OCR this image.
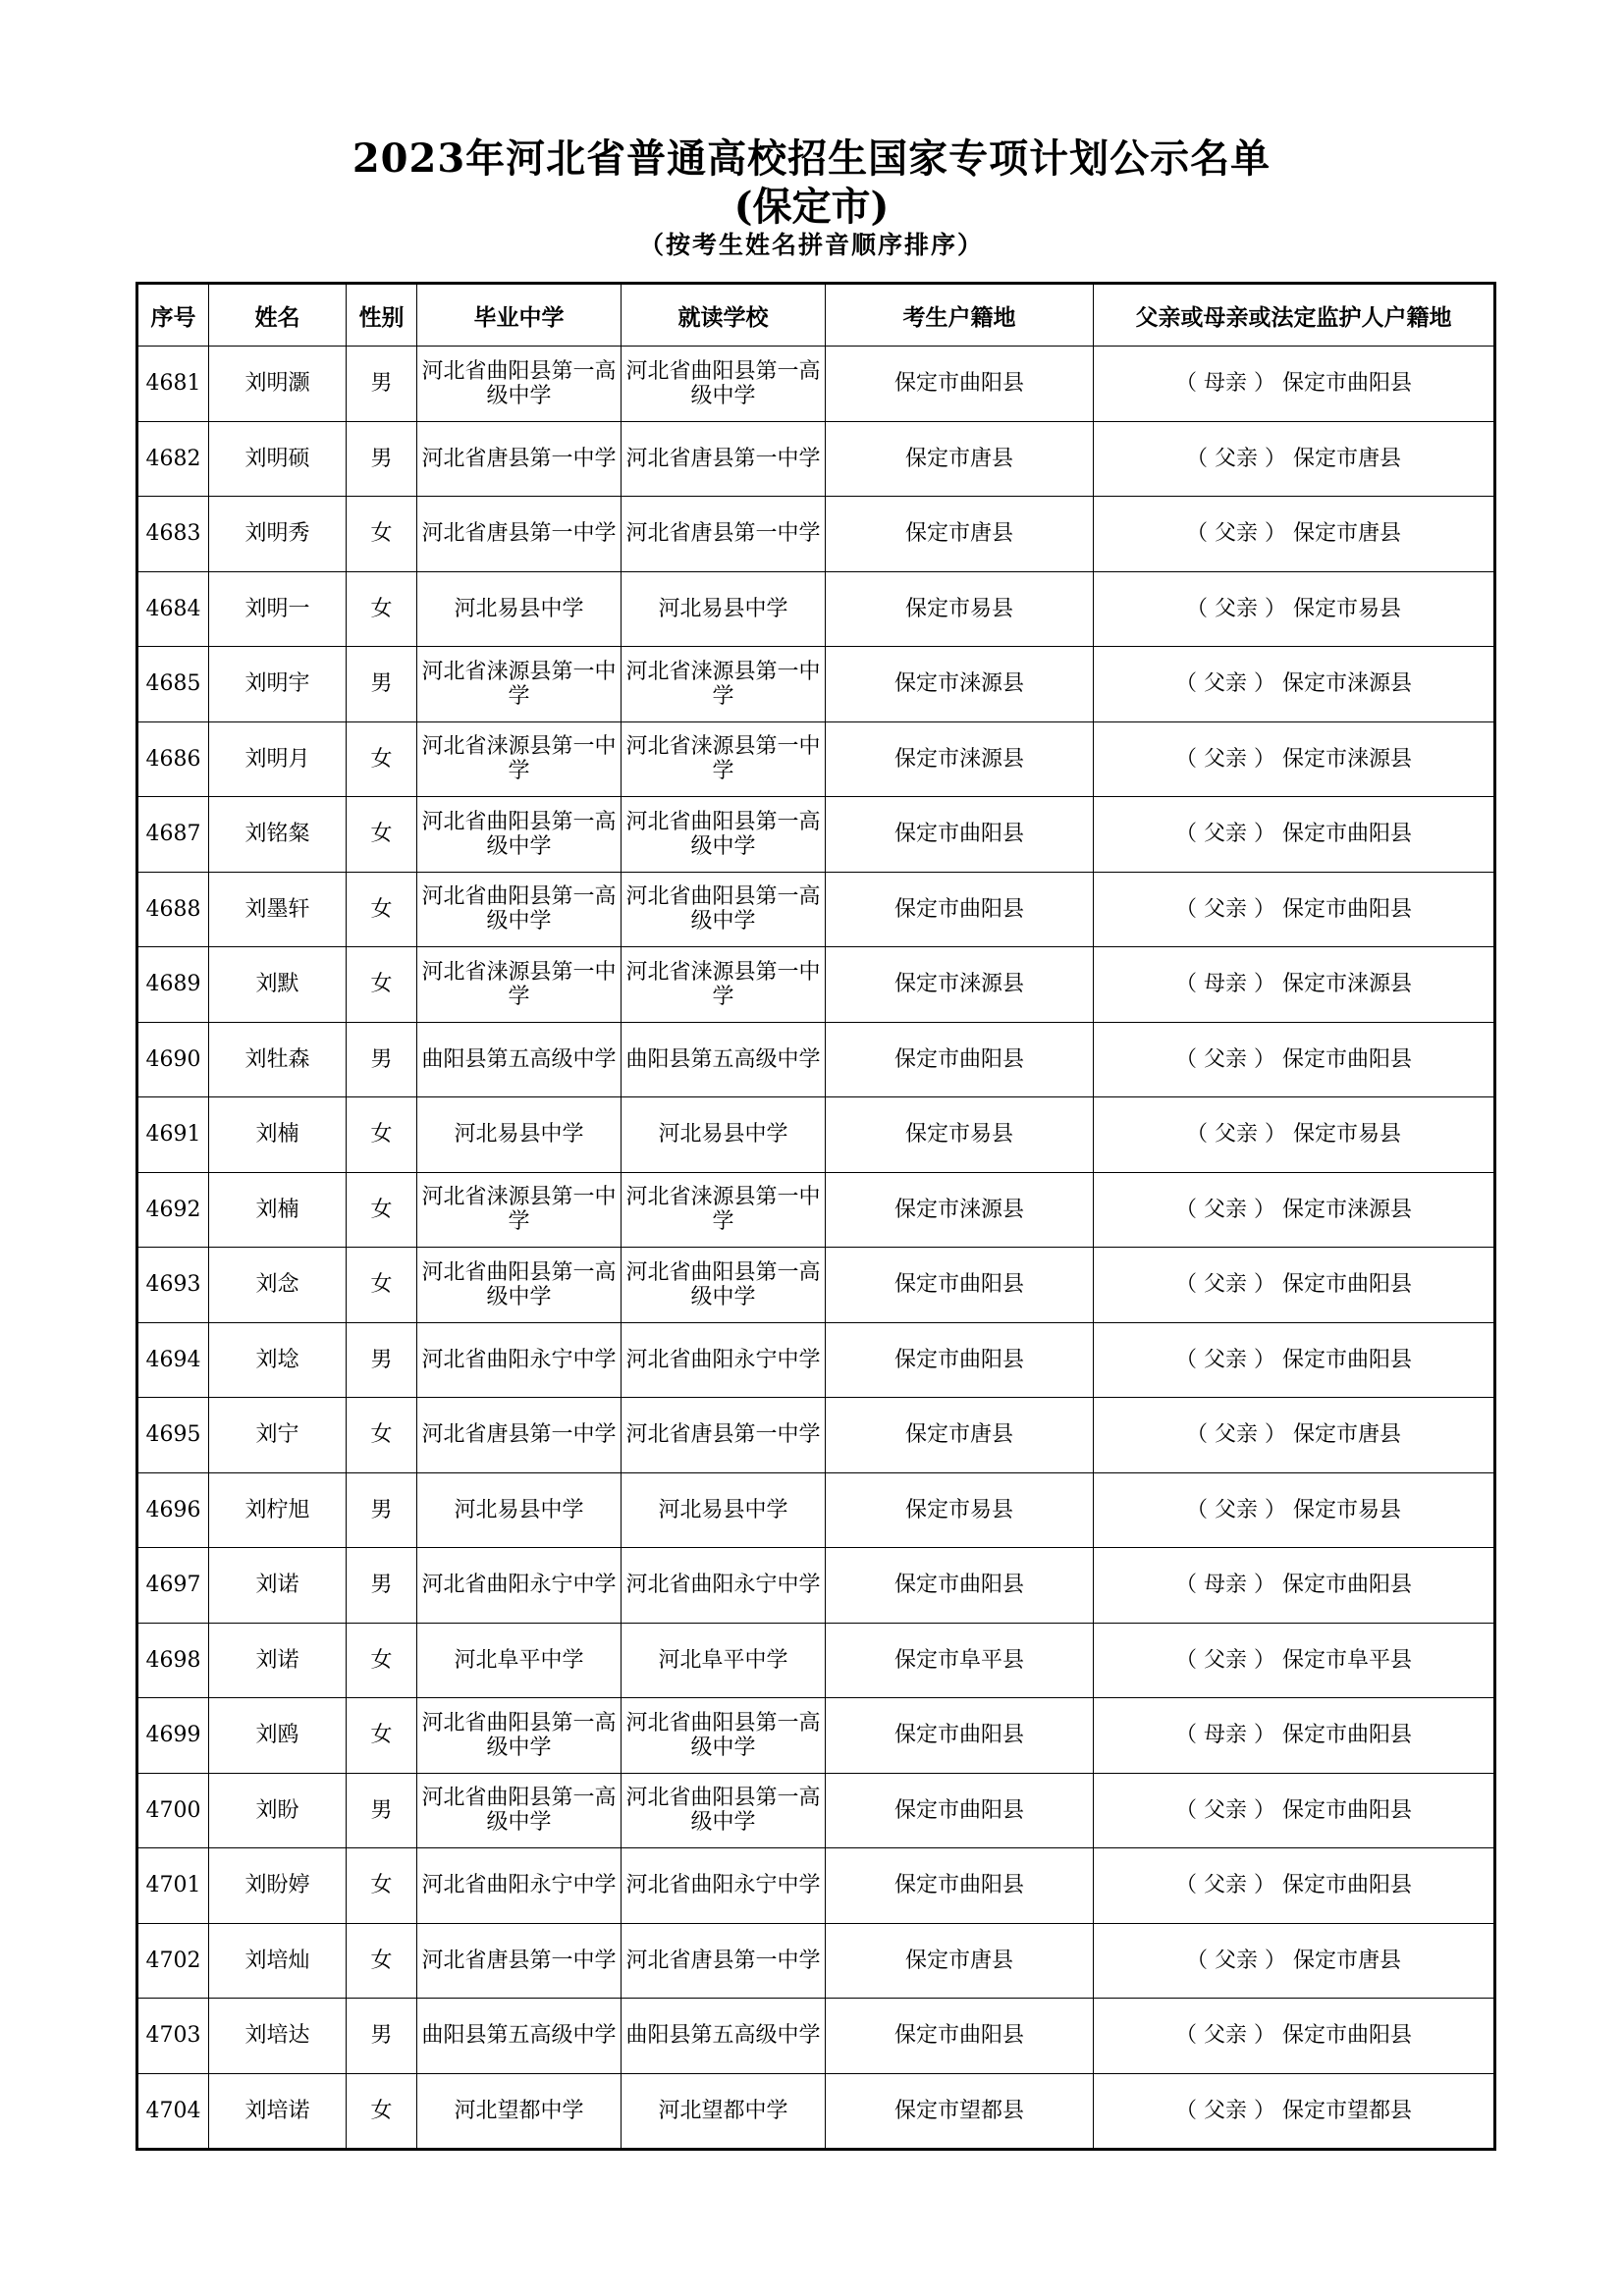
2023年河北省普通高校招生国家专项计划公示名单
(保定市)
（按考生姓名拼音顺序排序）
序号	姓名	性别	毕业中学	就读学校	考生户籍地	父亲或母亲或法定监护人户籍地
4681	刘明灏	男	河北省曲阳县第一高级中学	河北省曲阳县第一高级中学	保定市曲阳县	（ 母亲 ） 保定市曲阳县
4682	刘明硕	男	河北省唐县第一中学	河北省唐县第一中学	保定市唐县	（ 父亲 ） 保定市唐县
4683	刘明秀	女	河北省唐县第一中学	河北省唐县第一中学	保定市唐县	（ 父亲 ） 保定市唐县
4684	刘明一	女	河北易县中学	河北易县中学	保定市易县	（ 父亲 ） 保定市易县
4685	刘明宇	男	河北省涞源县第一中学	河北省涞源县第一中学	保定市涞源县	（ 父亲 ） 保定市涞源县
4686	刘明月	女	河北省涞源县第一中学	河北省涞源县第一中学	保定市涞源县	（ 父亲 ） 保定市涞源县
4687	刘铭粲	女	河北省曲阳县第一高级中学	河北省曲阳县第一高级中学	保定市曲阳县	（ 父亲 ） 保定市曲阳县
4688	刘墨轩	女	河北省曲阳县第一高级中学	河北省曲阳县第一高级中学	保定市曲阳县	（ 父亲 ） 保定市曲阳县
4689	刘默	女	河北省涞源县第一中学	河北省涞源县第一中学	保定市涞源县	（ 母亲 ） 保定市涞源县
4690	刘牡森	男	曲阳县第五高级中学	曲阳县第五高级中学	保定市曲阳县	（ 父亲 ） 保定市曲阳县
4691	刘楠	女	河北易县中学	河北易县中学	保定市易县	（ 父亲 ） 保定市易县
4692	刘楠	女	河北省涞源县第一中学	河北省涞源县第一中学	保定市涞源县	（ 父亲 ） 保定市涞源县
4693	刘念	女	河北省曲阳县第一高级中学	河北省曲阳县第一高级中学	保定市曲阳县	（ 父亲 ） 保定市曲阳县
4694	刘埝	男	河北省曲阳永宁中学	河北省曲阳永宁中学	保定市曲阳县	（ 父亲 ） 保定市曲阳县
4695	刘宁	女	河北省唐县第一中学	河北省唐县第一中学	保定市唐县	（ 父亲 ） 保定市唐县
4696	刘柠旭	男	河北易县中学	河北易县中学	保定市易县	（ 父亲 ） 保定市易县
4697	刘诺	男	河北省曲阳永宁中学	河北省曲阳永宁中学	保定市曲阳县	（ 母亲 ） 保定市曲阳县
4698	刘诺	女	河北阜平中学	河北阜平中学	保定市阜平县	（ 父亲 ） 保定市阜平县
4699	刘鸥	女	河北省曲阳县第一高级中学	河北省曲阳县第一高级中学	保定市曲阳县	（ 母亲 ） 保定市曲阳县
4700	刘盼	男	河北省曲阳县第一高级中学	河北省曲阳县第一高级中学	保定市曲阳县	（ 父亲 ） 保定市曲阳县
4701	刘盼婷	女	河北省曲阳永宁中学	河北省曲阳永宁中学	保定市曲阳县	（ 父亲 ） 保定市曲阳县
4702	刘培灿	女	河北省唐县第一中学	河北省唐县第一中学	保定市唐县	（ 父亲 ） 保定市唐县
4703	刘培达	男	曲阳县第五高级中学	曲阳县第五高级中学	保定市曲阳县	（ 父亲 ） 保定市曲阳县
4704	刘培诺	女	河北望都中学	河北望都中学	保定市望都县	（ 父亲 ） 保定市望都县
